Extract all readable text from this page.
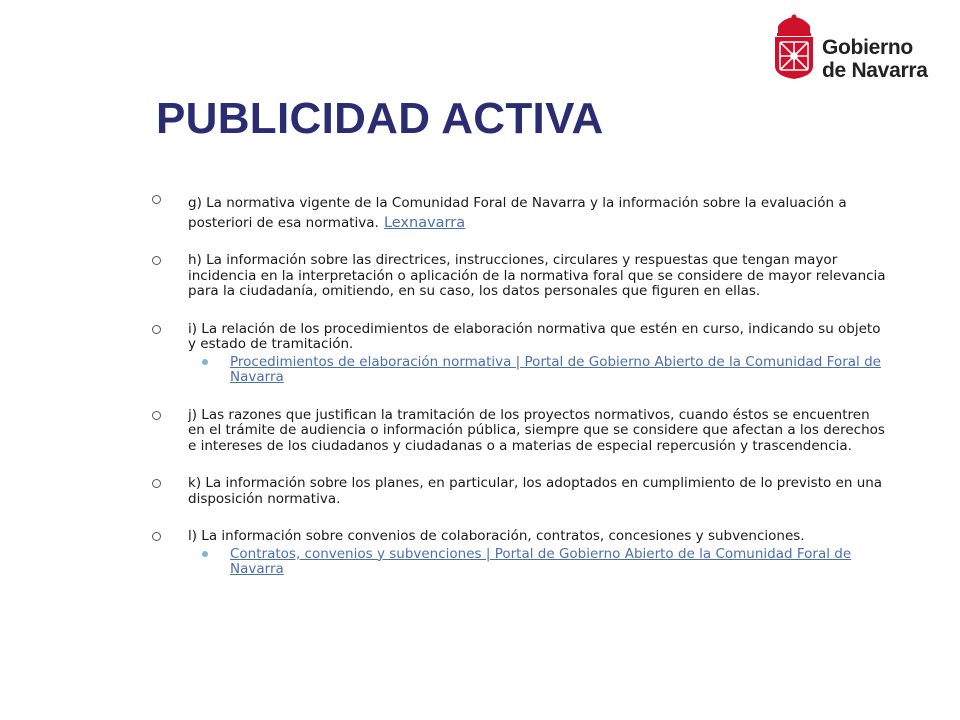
Gobierno
de Navarra
PUBLICIDAD ACTIVA
g) La normativa vigente de la Comunidad Foral de Navarra y la información sobre la evaluación a posteriori de esa normativa. Lexnavarra
h) La información sobre las directrices, instrucciones, circulares y respuestas que tengan mayor incidencia en la interpretación o aplicación de la normativa foral que se considere de mayor relevancia para la ciudadanía, omitiendo, en su caso, los datos personales que figuren en ellas.
i) La relación de los procedimientos de elaboración normativa que estén en curso, indicando su objeto y estado de tramitación.
Procedimientos de elaboración normativa | Portal de Gobierno Abierto de la Comunidad Foral de Navarra
j) Las razones que justifican la tramitación de los proyectos normativos, cuando éstos se encuentren en el trámite de audiencia o información pública, siempre que se considere que afectan a los derechos e intereses de los ciudadanos y ciudadanas o a materias de especial repercusión y trascendencia.
k) La información sobre los planes, en particular, los adoptados en cumplimiento de lo previsto en una disposición normativa.
l) La información sobre convenios de colaboración, contratos, concesiones y subvenciones.
Contratos, convenios y subvenciones | Portal de Gobierno Abierto de la Comunidad Foral de Navarra
